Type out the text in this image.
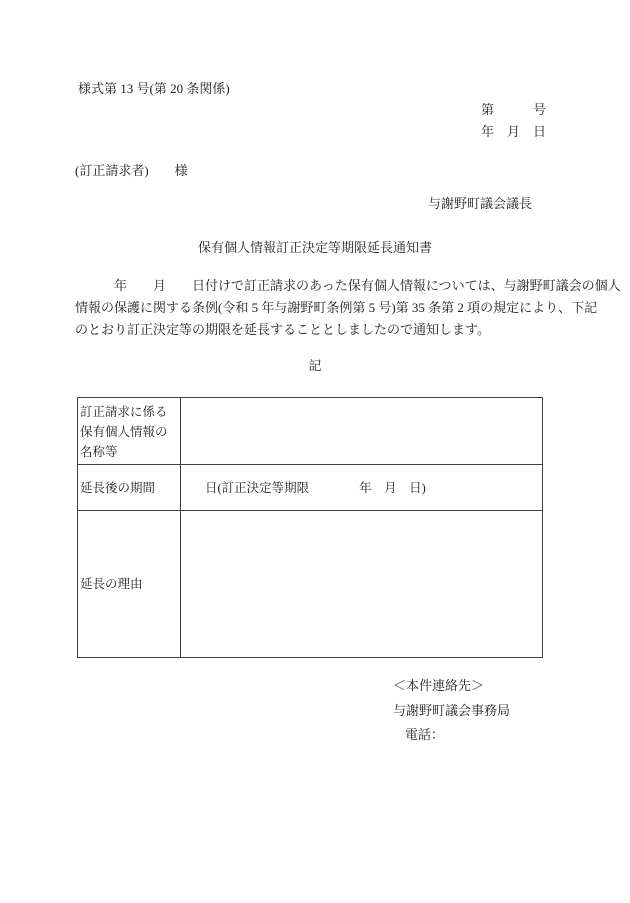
様式第 13 号(第 20 条関係)
第　　　号
年　月　日
(訂正請求者)　　様
与謝野町議会議長
保有個人情報訂正決定等期限延長通知書
　　　年　　月　　日付けで訂正請求のあった保有個人情報については、与謝野町議会の個人
情報の保護に関する条例(令和 5 年与謝野町条例第 5 号)第 35 条第 2 項の規定により、下記
のとおり訂正決定等の期限を延長することとしましたので通知します。
記
訂正請求に係る保有個人情報の名称等	
延長後の期間	日(訂正決定等期限　　　　年　月　日)
延長の理由	
＜本件連絡先＞
与謝野町議会事務局
電話：
